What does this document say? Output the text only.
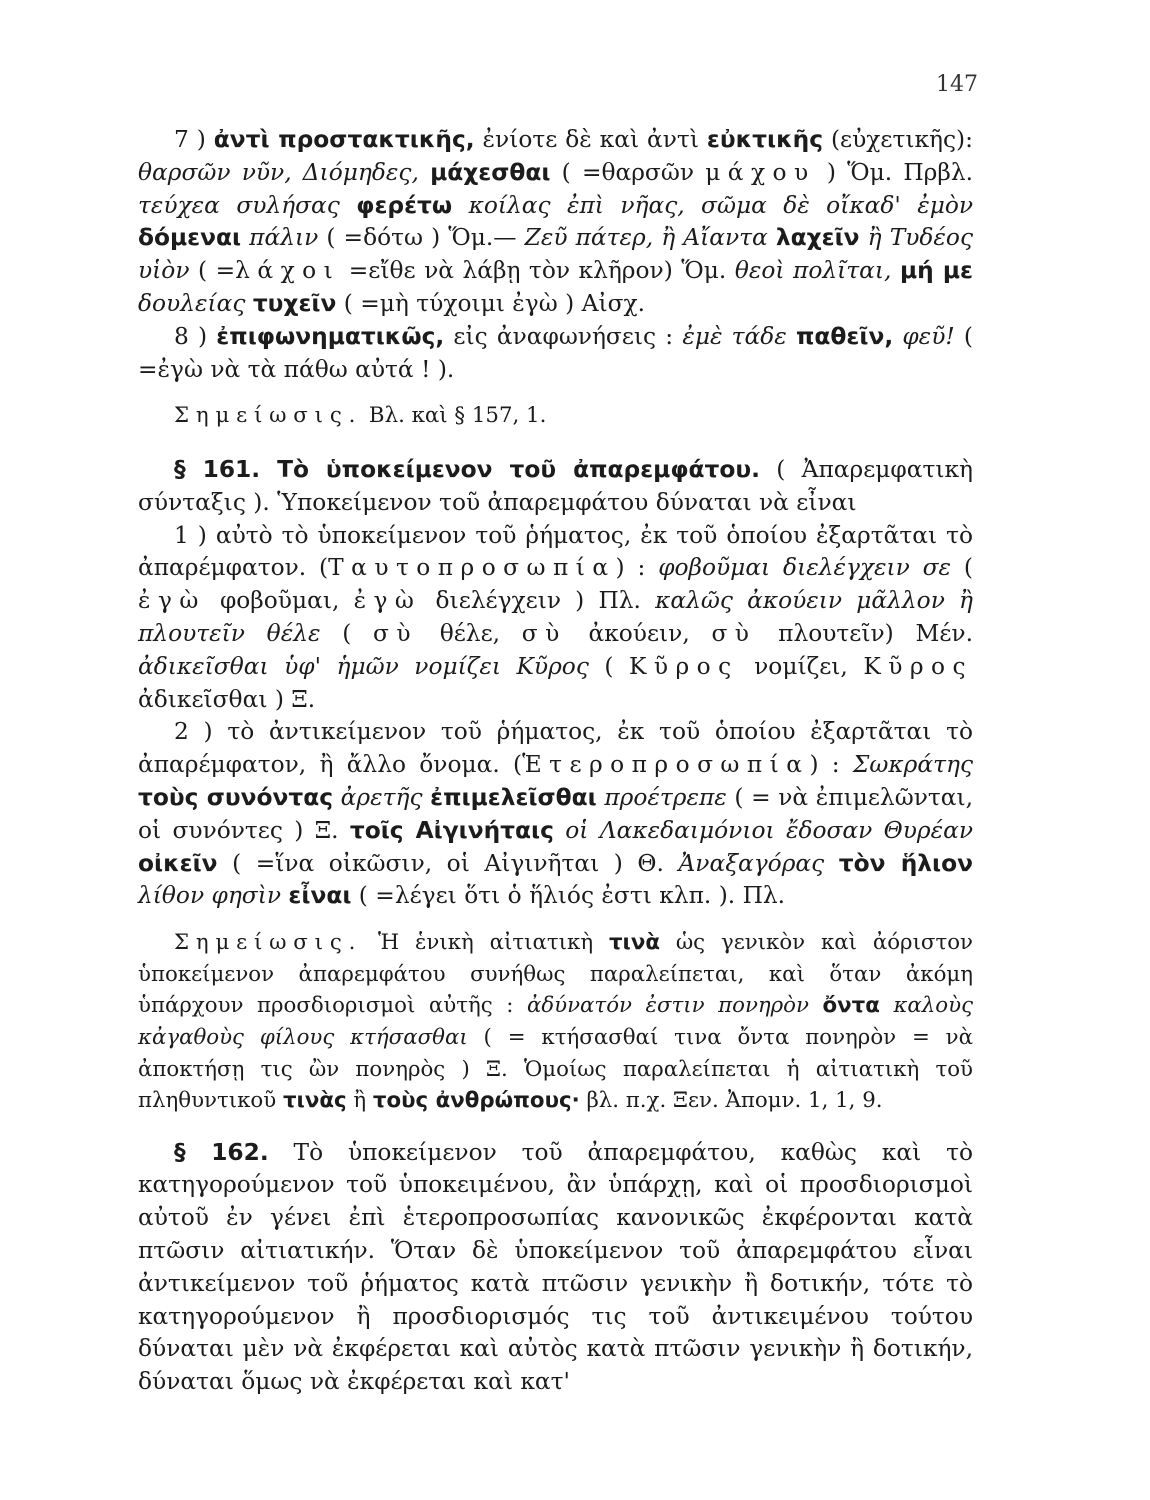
147

7 ) ἀντὶ προστακτικῆς, ἐνίοτε δὲ καὶ ἀντὶ εὐκτικῆς (εὐχετικῆς): θαρσῶν νῦν, Διόμηδες, μάχεσθαι ( =θαρσῶν μάχου ) Ὅμ. Πρβλ. τεύχεα συλήσας φερέτω κοίλας ἐπὶ νῆας, σῶμα δὲ οἴκαδ' ἐμὸν δόμεναι πάλιν ( =δότω ) Ὅμ.— Ζεῦ πάτερ, ἢ Αἴαντα λαχεῖν ἢ Τυδέος υἱὸν ( =λάχοι =εἴθε νὰ λάβῃ τὸν κλῆρον) Ὅμ. θεοὶ πολῖται, μή με δουλείας τυχεῖν ( =μὴ τύχοιμι ἐγὼ ) Αἰσχ.

8 ) ἐπιφωνηματικῶς, εἰς ἀναφωνήσεις : ἐμὲ τάδε παθεῖν, φεῦ! ( =ἐγὼ νὰ τὰ πάθω αὐτά ! ).

Σημείωσις. Βλ. καὶ § 157, 1.

§ 161. Τὸ ὑποκείμενον τοῦ ἀπαρεμφάτου. ( Ἀπαρεμφατικὴ σύνταξις ). Ὑποκείμενον τοῦ ἀπαρεμφάτου δύναται νὰ εἶναι

1 ) αὐτὸ τὸ ὑποκείμενον τοῦ ῥήματος, ἐκ τοῦ ὁποίου ἐξαρτᾶται τὸ ἀπαρέμφατον. (Ταυτοπροσωπία) : φοβοῦμαι διελέγχειν σε ( ἐγὼ φοβοῦμαι, ἐγὼ διελέγχειν ) Πλ. καλῶς ἀκούειν μᾶλλον ἢ πλουτεῖν θέλε ( σὺ θέλε, σὺ ἀκούειν, σὺ πλουτεῖν) Μέν. ἀδικεῖσθαι ὑφ' ἡμῶν νομίζει Κῦρος ( Κῦρος νομίζει, Κῦρος ἀδικεῖσθαι ) Ξ.

2 ) τὸ ἀντικείμενον τοῦ ῥήματος, ἐκ τοῦ ὁποίου ἐξαρτᾶται τὸ ἀπαρέμφατον, ἢ ἄλλο ὄνομα. (Ἑτεροπροσωπία) : Σωκράτης τοὺς συνόντας ἀρετῆς ἐπιμελεῖσθαι προέτρεπε ( = νὰ ἐπιμελῶνται, οἱ συνόντες ) Ξ. τοῖς Αἰγινήταις οἱ Λακεδαιμόνιοι ἔδοσαν Θυρέαν οἰκεῖν ( =ἵνα οἰκῶσιν, οἱ Αἰγινῆται ) Θ. Ἀναξαγόρας τὸν ἥλιον λίθον φησὶν εἶναι ( =λέγει ὅτι ὁ ἥλιός ἐστι κλπ. ). Πλ.

Σημείωσις. Ἡ ἑνικὴ αἰτιατικὴ τινὰ ὡς γενικὸν καὶ ἀόριστον ὑποκείμενον ἀπαρεμφάτου συνήθως παραλείπεται, καὶ ὅταν ἀκόμη ὑπάρχουν προσδιορισμοὶ αὐτῆς : ἀδύνατόν ἐστιν πονηρὸν ὄντα καλοὺς κἀγαθοὺς φίλους κτήσασθαι ( = κτήσασθαί τινα ὄντα πονηρὸν = νὰ ἀποκτήσῃ τις ὢν πονηρὸς ) Ξ. Ὁμοίως παραλείπεται ἡ αἰτιατικὴ τοῦ πληθυντικοῦ τινὰς ἢ τοὺς ἀνθρώπους· βλ. π.χ. Ξεν. Ἀπομν. 1, 1, 9.

§ 162. Τὸ ὑποκείμενον τοῦ ἀπαρεμφάτου, καθὼς καὶ τὸ κατηγορούμενον τοῦ ὑποκειμένου, ἂν ὑπάρχῃ, καὶ οἱ προσδιορισμοὶ αὐτοῦ ἐν γένει ἐπὶ ἑτεροπροσωπίας κανονικῶς ἐκφέρονται κατὰ πτῶσιν αἰτιατικήν. Ὅταν δὲ ὑποκείμενον τοῦ ἀπαρεμφάτου εἶναι ἀντικείμενον τοῦ ῥήματος κατὰ πτῶσιν γενικὴν ἢ δοτικήν, τότε τὸ κατηγορούμενον ἢ προσδιορισμός τις τοῦ ἀντικειμένου τούτου δύναται μὲν νὰ ἐκφέρεται καὶ αὐτὸς κατὰ πτῶσιν γενικὴν ἢ δοτικήν, δύναται ὅμως νὰ ἐκφέρεται καὶ κατ'
